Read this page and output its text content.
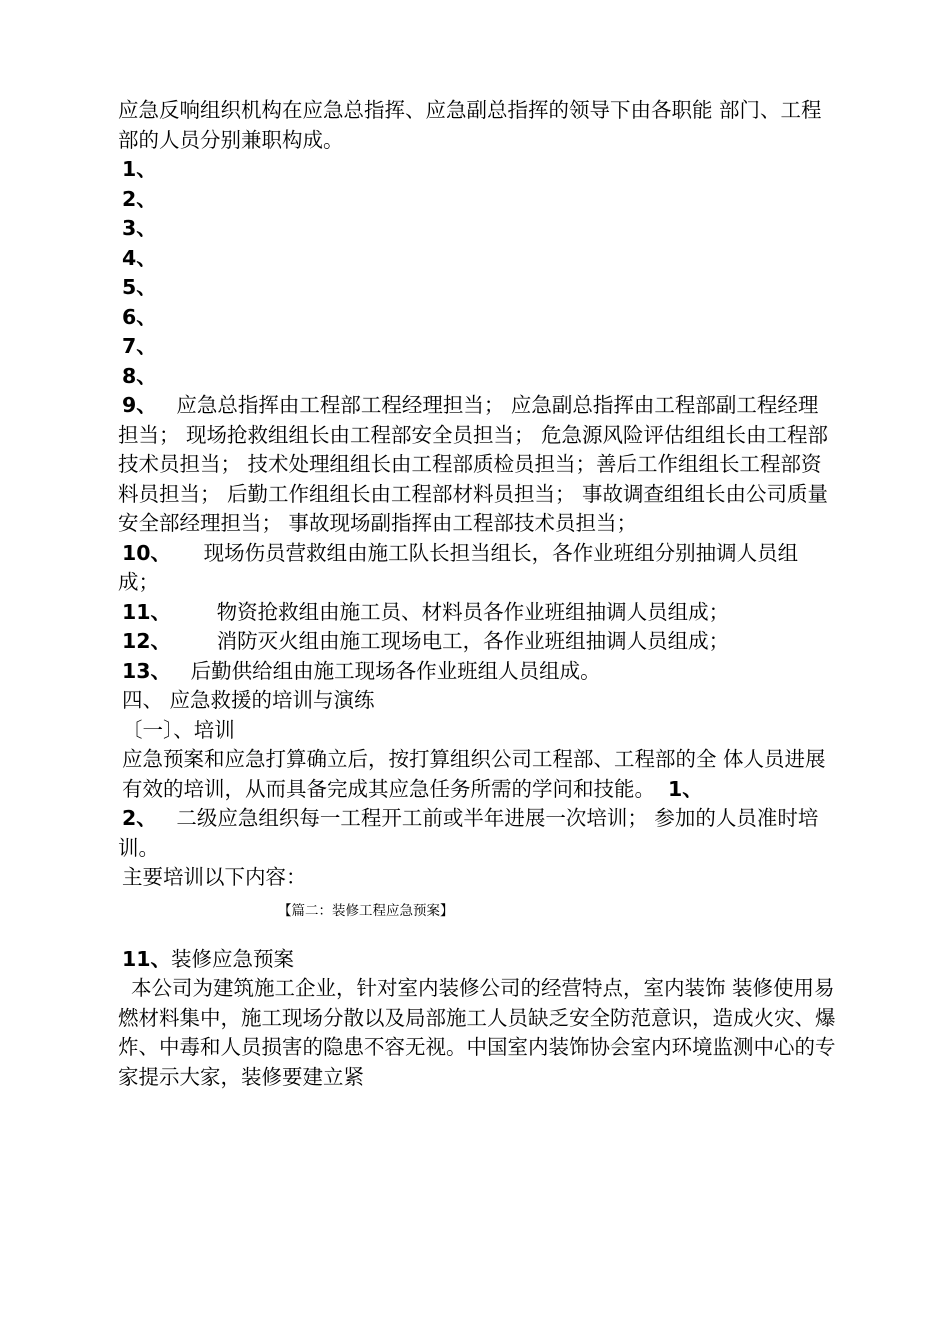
应急反响组织机构在应急总指挥、应急副总指挥的领导下由各职能 部门、工程部的人员分别兼职构成。

1、
2、
3、
4、
5、
6、
7、
8、

9、 应急总指挥由工程部工程经理担当； 应急副总指挥由工程部副工程经理担当； 现场抢救组组长由工程部安全员担当； 危急源风险评估组组长由工程部技术员担当； 技术处理组组长由工程部质检员担当；善后工作组组长工程部资料员担当； 后勤工作组组长由工程部材料员担当； 事故调查组组长由公司质量安全部经理担当； 事故现场副指挥由工程部技术员担当；

10、 现场伤员营救组由施工队长担当组长，各作业班组分别抽调人员组成；

11、 物资抢救组由施工员、材料员各作业班组抽调人员组成；

12、 消防灭火组由施工现场电工，各作业班组抽调人员组成；

13、 后勤供给组由施工现场各作业班组人员组成。

四、 应急救援的培训与演练

〔一〕、培训

应急预案和应急打算确立后，按打算组织公司工程部、工程部的全 体人员进展有效的培训，从而具备完成其应急任务所需的学问和技能。 1、

2、 二级应急组织每一工程开工前或半年进展一次培训； 参加的人员准时培训。

主要培训以下内容：

【篇二：装修工程应急预案】

11、装修应急预案

本公司为建筑施工企业，针对室内装修公司的经营特点，室内装饰 装修使用易燃材料集中，施工现场分散以及局部施工人员缺乏安全防范意识，造成火灾、爆炸、中毒和人员损害的隐患不容无视。中国室内装饰协会室内环境监测中心的专家提示大家，装修要建立紧
